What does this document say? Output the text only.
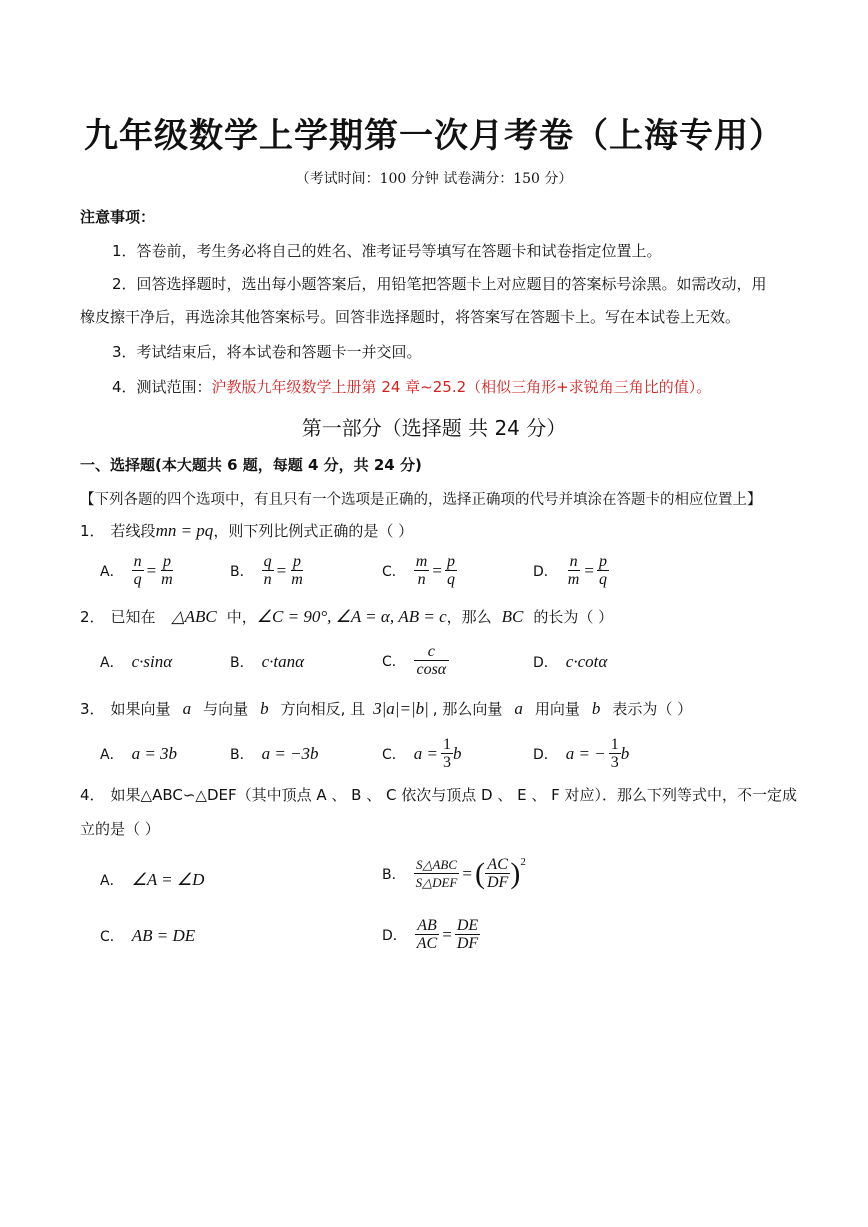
九年级数学上学期第一次月考卷（上海专用）
（考试时间：100 分钟 试卷满分：150 分）
注意事项：
1．答卷前，考生务必将自己的姓名、准考证号等填写在答题卡和试卷指定位置上。
2．回答选择题时，选出每小题答案后，用铅笔把答题卡上对应题目的答案标号涂黑。如需改动，用
橡皮擦干净后，再选涂其他答案标号。回答非选择题时，将答案写在答题卡上。写在本试卷上无效。
3．考试结束后，将本试卷和答题卡一并交回。
4．测试范围：沪教版九年级数学上册第 24 章~25.2（相似三角形+求锐角三角比的值）。
第一部分（选择题 共 24 分）
一、选择题(本大题共 6 题，每题 4 分，共 24 分)
【下列各题的四个选项中，有且只有一个选项是正确的，选择正确项的代号并填涂在答题卡的相应位置上】
1． 若线段 mn = pq ，则下列比例式正确的是（ ）
A． $\frac{n}{q} = \frac{p}{m}$	B． $\frac{q}{n} = \frac{p}{m}$	C． $\frac{m}{n} = \frac{p}{q}$	D． $\frac{n}{m} = \frac{p}{q}$
2． 已知在 △ABC 中， ∠C = 90°, ∠A = α, AB = c ，那么 BC 的长为（ ）
A． c·sinα	B． c·tanα	C． $\frac{c}{\cos\alpha}$	D． c·cotα
3． 如果向量 a 与向量 b 方向相反, 且 3|a|=|b| , 那么向量 a 用向量 b 表示为（ ）
A． a = 3b	B． a = −3b	C． $a = \frac{1}{3}$ b	D． a = − $\frac{1}{3}$ b
4． 如果△ABC∽△DEF（其中顶点 A 、 B 、 C 依次与顶点 D 、 E 、 F 对应）．那么下列等式中，不一定成
立的是（ ）
A． ∠A = ∠D	B． $\frac{\text{S△ABC}}{\text{S△DEF}}$ = ( $\frac{AC}{DF}$ ) 2
C． AB = DE	D． $\frac{AB}{AC} = \frac{DE}{DF}$
